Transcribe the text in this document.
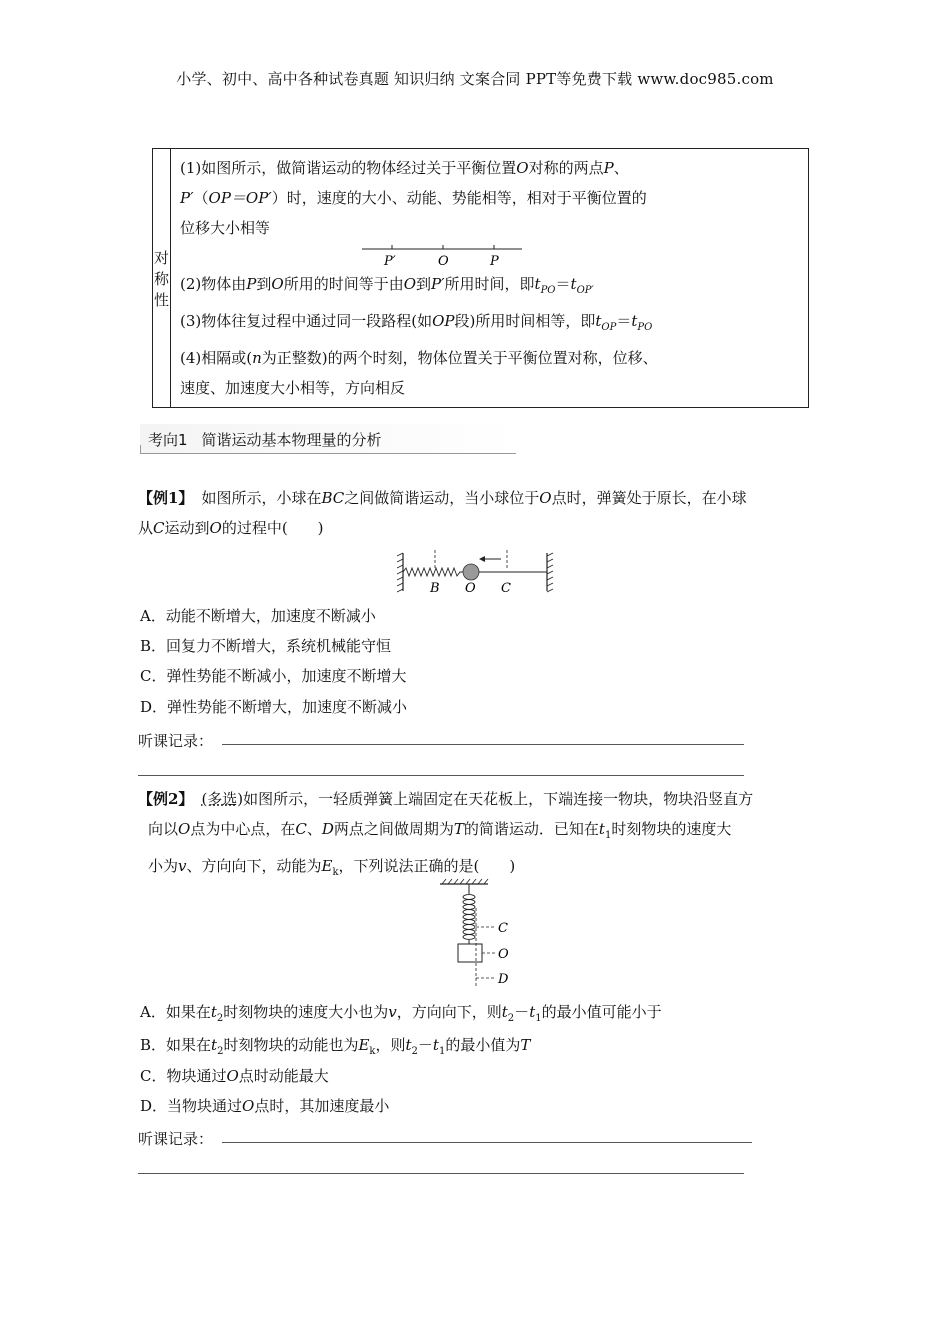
小学、初中、高中各种试卷真题 知识归纳 文案合同 PPT等免费下载 www.doc985.com
对称性	
(1)如图所示，做简谐运动的物体经过关于平衡位置O对称的两点P、
P′（OP＝OP′）时，速度的大小、动能、势能相等，相对于平衡位置的
位移大小相等
P′	O	P
(2)物体由P到O所用的时间等于由O到P′所用时间，即$t_{PO}=t_{OP'}$
(3)物体往复过程中通过同一段路程(如OP段)所用时间相等，即$t_{OP}=t_{PO}$
(4)相隔或(n为正整数)的两个时刻，物体位置关于平衡位置对称，位移、
速度、加速度大小相等，方向相反
考向1 简谐运动基本物理量的分析
【例1】 如图所示，小球在BC之间做简谐运动，当小球位于O点时，弹簧处于原长，在小球
从C运动到O的过程中(　　)
B O C
A．动能不断增大，加速度不断减小
B．回复力不断增大，系统机械能守恒
C．弹性势能不断减小，加速度不断增大
D．弹性势能不断增大，加速度不断减小
听课记录：
【例2】 (多选)如图所示，一轻质弹簧上端固定在天花板上，下端连接一物块，物块沿竖直方
向以O点为中心点，在C、D两点之间做周期为T的简谐运动．已知在$t_1$时刻物块的速度大
小为v、方向向下，动能为$E_k$，下列说法正确的是(　　)
C
O
D
A．如果在$t_2$时刻物块的速度大小也为v，方向向下，则$t_2-t_1$的最小值可能小于
B．如果在$t_2$时刻物块的动能也为$E_k$，则$t_2-t_1$的最小值为T
C．物块通过O点时动能最大
D．当物块通过O点时，其加速度最小
听课记录：
